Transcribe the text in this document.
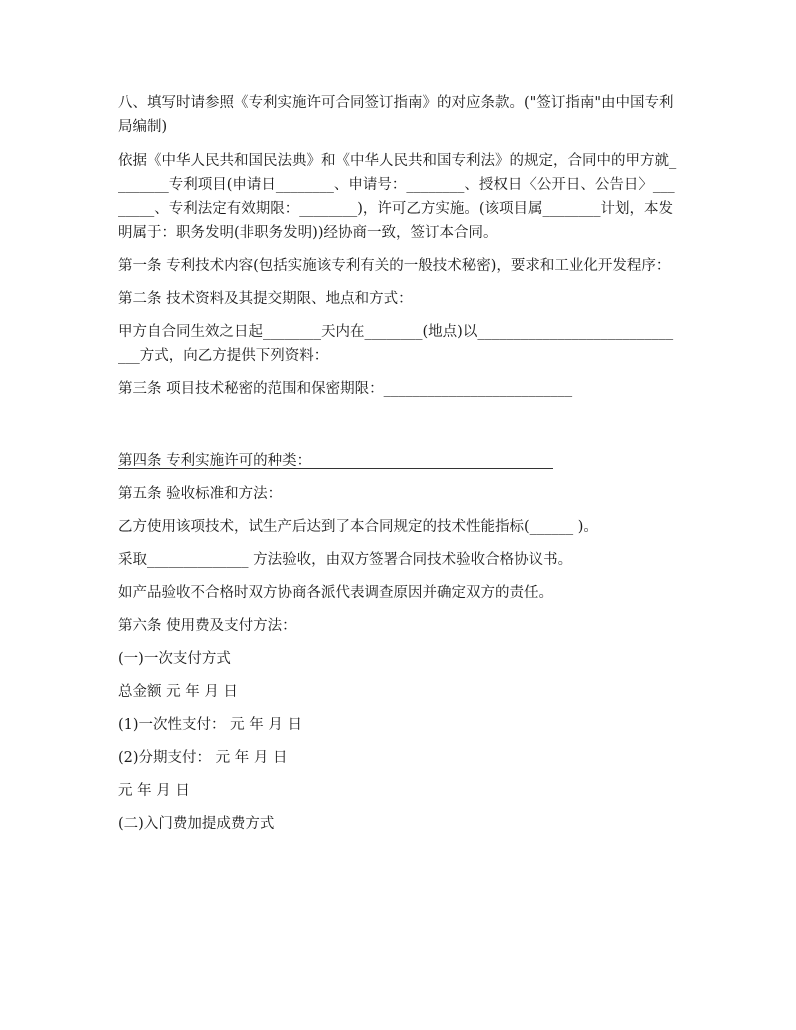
八、填写时请参照《专利实施许可合同签订指南》的对应条款。("签订指南"由中国专利局编制)

依据《中华人民共和国民法典》和《中华人民共和国专利法》的规定，合同中的甲方就________专利项目(申请日________、申请号：________、授权日〈公开日、公告日〉________、专利法定有效期限：________)，许可乙方实施。(该项目属________计划，本发明属于：职务发明(非职务发明))经协商一致，签订本合同。

第一条 专利技术内容(包括实施该专利有关的一般技术秘密)，要求和工业化开发程序：

第二条 技术资料及其提交期限、地点和方式：

甲方自合同生效之日起________天内在________(地点)以______________________________方式，向乙方提供下列资料：

第三条 项目技术秘密的范围和保密期限：__________________________

第四条 专利实施许可的种类：

第五条 验收标准和方法：

乙方使用该项技术，试生产后达到了本合同规定的技术性能指标(______ )。

采取______________ 方法验收，由双方签署合同技术验收合格协议书。

如产品验收不合格时双方协商各派代表调查原因并确定双方的责任。

第六条 使用费及支付方法：

(一)一次支付方式

总金额 元 年 月 日

(1)一次性支付： 元 年 月 日

(2)分期支付： 元 年 月 日

元 年 月 日

(二)入门费加提成费方式
